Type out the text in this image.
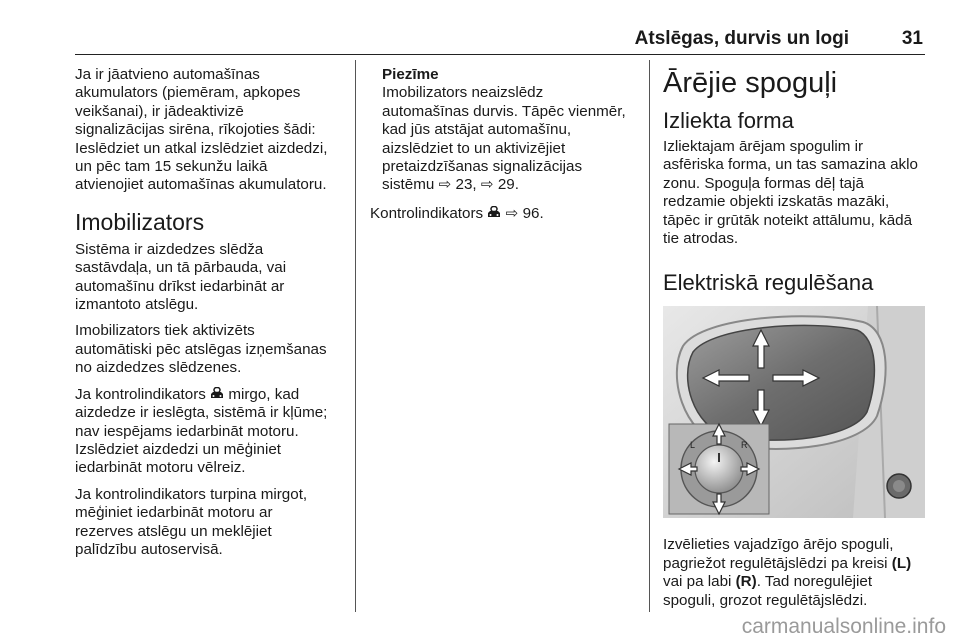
Atslēgas, durvis un logi	31

Ja ir jāatvieno automašīnas
akumulators (piemēram, apkopes
veikšanai), ir jādeaktivizē
signalizācijas sirēna, rīkojoties šādi:
Ieslēdziet un atkal izslēdziet aizdedzi,
un pēc tam 15 sekunžu laikā
atvienojiet automašīnas akumulatoru.

Imobilizators

Sistēma ir aizdedzes slēdža
sastāvdaļa, un tā pārbauda, vai
automašīnu drīkst iedarbināt ar
izmantoto atslēgu.

Imobilizators tiek aktivizēts
automātiski pēc atslēgas izņemšanas
no aizdedzes slēdzenes.

Ja kontrolindikators  mirgo, kad
aizdedze ir ieslēgta, sistēmā ir kļūme;
nav iespējams iedarbināt motoru.
Izslēdziet aizdedzi un mēģiniet
iedarbināt motoru vēlreiz.

Ja kontrolindikators turpina mirgot,
mēģiniet iedarbināt motoru ar
rezerves atslēgu un meklējiet
palīdzību autoservisā.

Piezīme

Imobilizators neaizslēdz
automašīnas durvis. Tāpēc vienmēr,
kad jūs atstājat automašīnu,
aizslēdziet to un aktivizējiet
pretaizdzīšanas signalizācijas
sistēmu ⇨ 23, ⇨ 29.

Kontrolindikators ⇨ 96.

Ārējie spoguļi
Izliekta forma

Izliektajam ārējam spogulim ir
asfēriska forma, un tas samazina aklo
zonu. Spoguļa formas dēļ tajā
redzamie objekti izskatās mazāki,
tāpēc ir grūtāk noteikt attālumu, kādā
tie atrodas.

Elektriskā regulēšana
L	R

Izvēlieties vajadzīgo ārējo spoguli,
pagriežot regulētājslēdzi pa kreisi (L)
vai pa labi (R). Tad noregulējiet
spoguli, grozot regulētājslēdzi.

carmanualsonline.info
